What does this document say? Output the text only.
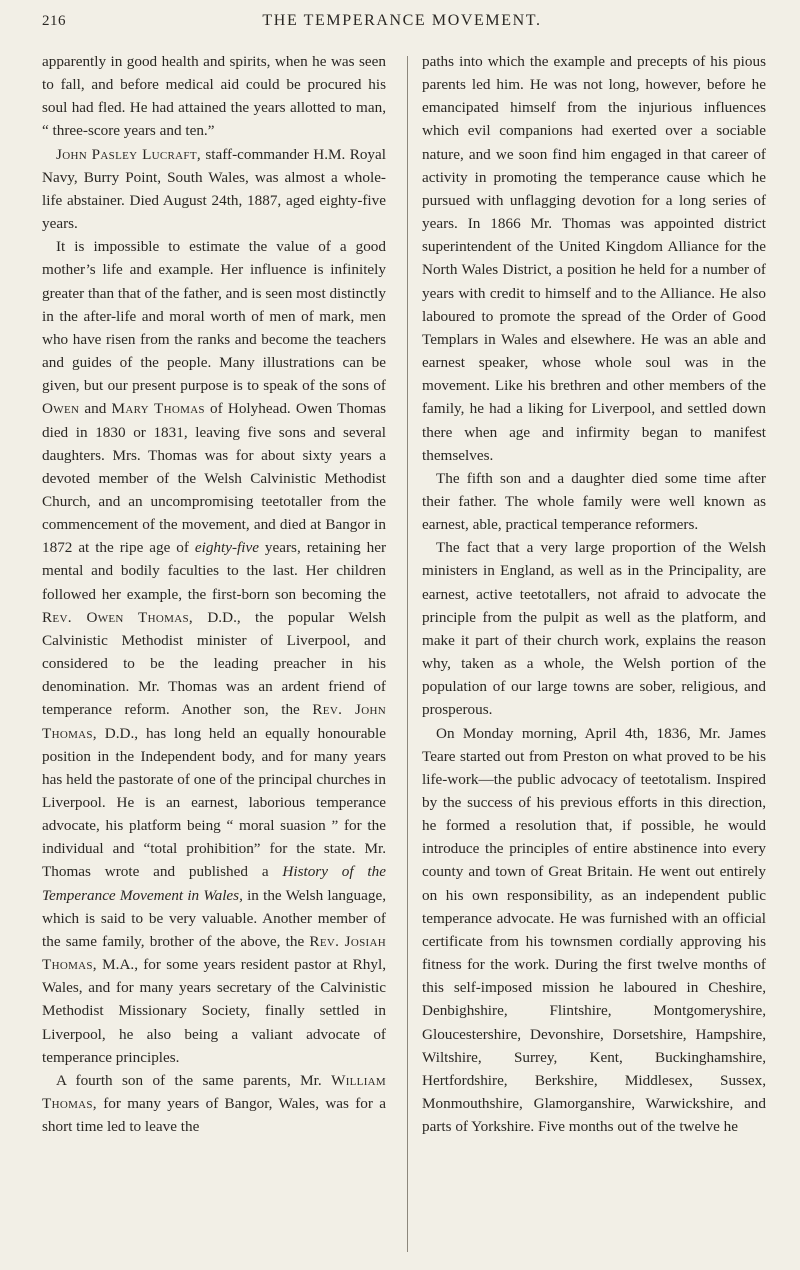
216	THE TEMPERANCE MOVEMENT.

apparently in good health and spirits, when he was seen to fall, and before medical aid could be procured his soul had fled. He had attained the years allotted to man, “ three-score years and ten.”

John Pasley Lucraft, staff-commander H.M. Royal Navy, Burry Point, South Wales, was almost a whole-life abstainer. Died August 24th, 1887, aged eighty-five years.

It is impossible to estimate the value of a good mother’s life and example. Her influence is infinitely greater than that of the father, and is seen most distinctly in the after-life and moral worth of men of mark, men who have risen from the ranks and become the teachers and guides of the people. Many illustrations can be given, but our present purpose is to speak of the sons of Owen and Mary Thomas of Holyhead. Owen Thomas died in 1830 or 1831, leaving five sons and several daughters. Mrs. Thomas was for about sixty years a devoted member of the Welsh Calvinistic Methodist Church, and an uncompromising teetotaller from the commencement of the movement, and died at Bangor in 1872 at the ripe age of eighty-five years, retaining her mental and bodily faculties to the last. Her children followed her example, the first-born son becoming the Rev. Owen Thomas, D.D., the popular Welsh Calvinistic Methodist minister of Liverpool, and considered to be the leading preacher in his denomination. Mr. Thomas was an ardent friend of temperance reform. Another son, the Rev. John Thomas, D.D., has long held an equally honourable position in the Independent body, and for many years has held the pastorate of one of the principal churches in Liverpool. He is an earnest, laborious temperance advocate, his platform being “ moral suasion ” for the individual and “total prohibition” for the state. Mr. Thomas wrote and published a History of the Temperance Movement in Wales, in the Welsh language, which is said to be very valuable. Another member of the same family, brother of the above, the Rev. Josiah Thomas, M.A., for some years resident pastor at Rhyl, Wales, and for many years secretary of the Calvinistic Methodist Missionary Society, finally settled in Liverpool, he also being a valiant advocate of temperance principles.

A fourth son of the same parents, Mr. William Thomas, for many years of Bangor, Wales, was for a short time led to leave the

paths into which the example and precepts of his pious parents led him. He was not long, however, before he emancipated himself from the injurious influences which evil companions had exerted over a sociable nature, and we soon find him engaged in that career of activity in promoting the temperance cause which he pursued with unflagging devotion for a long series of years. In 1866 Mr. Thomas was appointed district superintendent of the United Kingdom Alliance for the North Wales District, a position he held for a number of years with credit to himself and to the Alliance. He also laboured to promote the spread of the Order of Good Templars in Wales and elsewhere. He was an able and earnest speaker, whose whole soul was in the movement. Like his brethren and other members of the family, he had a liking for Liverpool, and settled down there when age and infirmity began to manifest themselves.

The fifth son and a daughter died some time after their father. The whole family were well known as earnest, able, practical temperance reformers.

The fact that a very large proportion of the Welsh ministers in England, as well as in the Principality, are earnest, active teetotallers, not afraid to advocate the principle from the pulpit as well as the platform, and make it part of their church work, explains the reason why, taken as a whole, the Welsh portion of the population of our large towns are sober, religious, and prosperous.

On Monday morning, April 4th, 1836, Mr. James Teare started out from Preston on what proved to be his life-work—the public advocacy of teetotalism. Inspired by the success of his previous efforts in this direction, he formed a resolution that, if possible, he would introduce the principles of entire abstinence into every county and town of Great Britain. He went out entirely on his own responsibility, as an independent public temperance advocate. He was furnished with an official certificate from his townsmen cordially approving his fitness for the work. During the first twelve months of this self-imposed mission he laboured in Cheshire, Denbighshire, Flintshire, Montgomeryshire, Gloucestershire, Devonshire, Dorsetshire, Hampshire, Wiltshire, Surrey, Kent, Buckinghamshire, Hertfordshire, Berkshire, Middlesex, Sussex, Monmouthshire, Glamorganshire, Warwickshire, and parts of Yorkshire. Five months out of the twelve he
